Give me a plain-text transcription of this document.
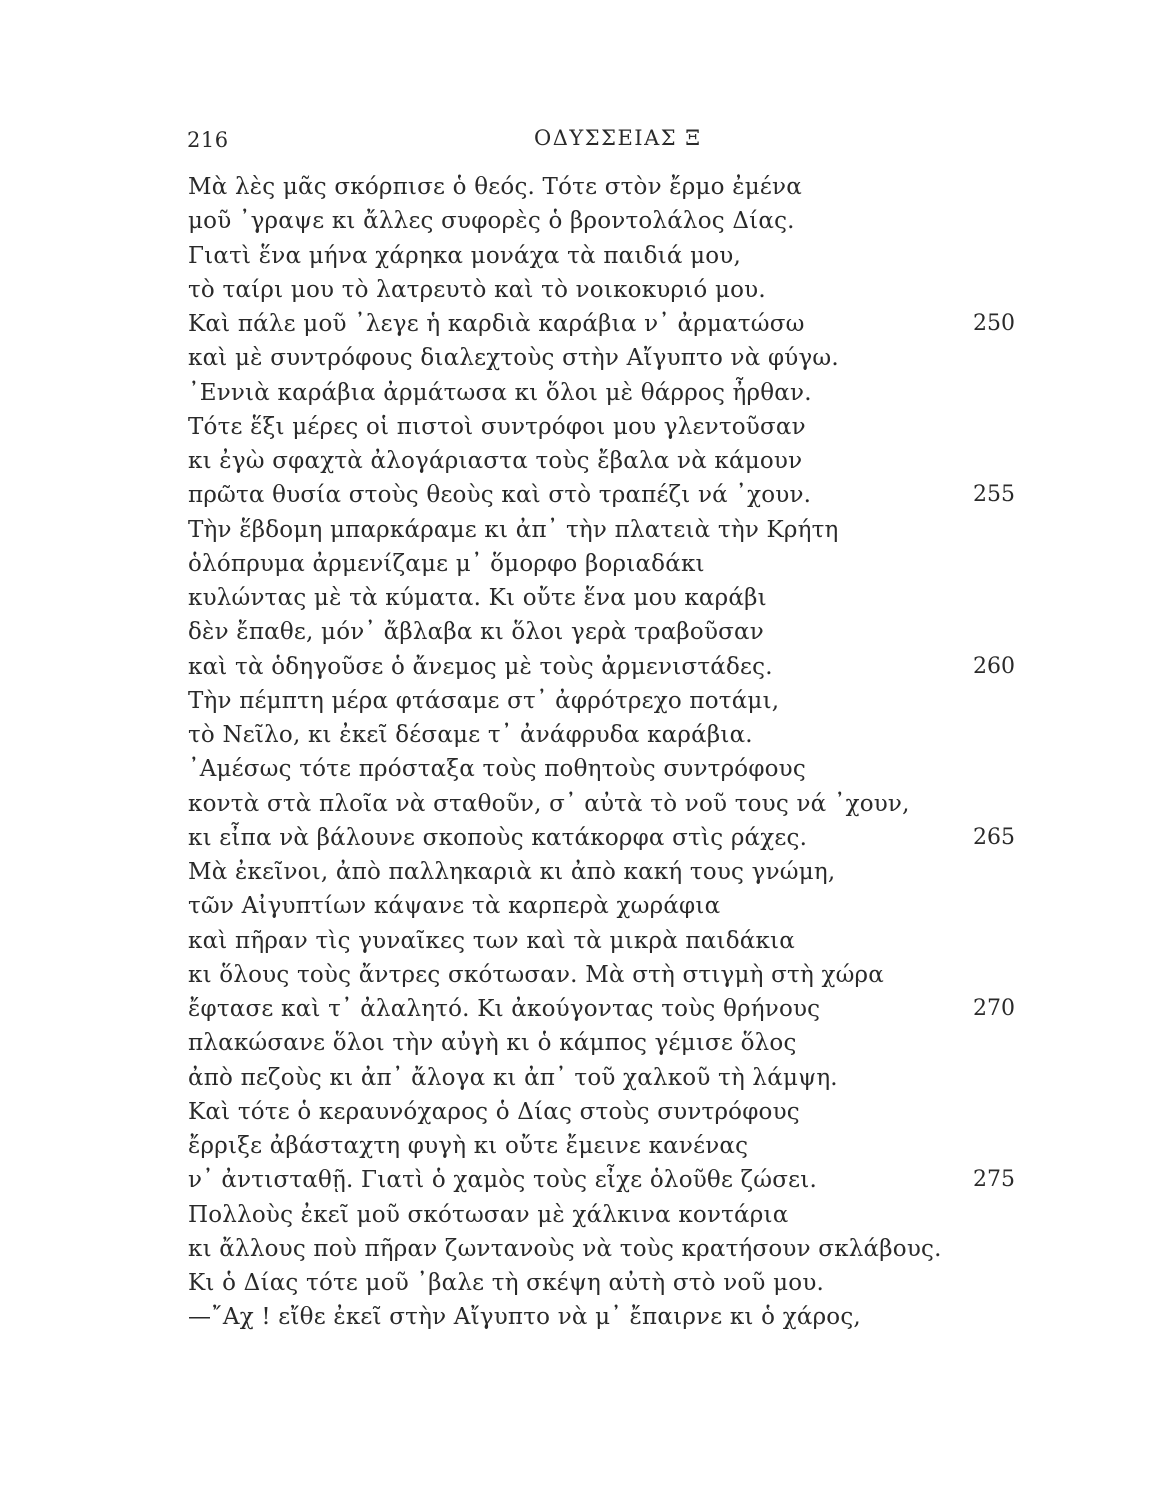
216	ΟΔΥΣΣΕΙΑΣ Ξ
Μὰ λὲς μᾶς σκόρπισε ὁ θεός. Τότε στὸν ἔρμο ἐμένα
μοῦ ᾽γραψε κι ἄλλες συφορὲς ὁ βροντολάλος Δίας.
Γιατὶ ἕνα μήνα χάρηκα μονάχα τὰ παιδιά μου,
τὸ ταίρι μου τὸ λατρευτὸ καὶ τὸ νοικοκυριό μου.
Καὶ πάλε μοῦ ᾽λεγε ἡ καρδιὰ καράβια ν᾽ ἀρματώσω	250
καὶ μὲ συντρόφους διαλεχτοὺς στὴν Αἴγυπτο νὰ φύγω.
᾽Εννιὰ καράβια ἀρμάτωσα κι ὅλοι μὲ θάρρος ἦρθαν.
Τότε ἕξι μέρες οἱ πιστοὶ συντρόφοι μου γλεντοῦσαν
κι ἐγὼ σφαχτὰ ἀλογάριαστα τοὺς ἔβαλα νὰ κάμουν
πρῶτα θυσία στοὺς θεοὺς καὶ στὸ τραπέζι νά ᾽χουν.	255
Τὴν ἕβδομη μπαρκάραμε κι ἀπ᾽ τὴν πλατειὰ τὴν Κρήτη
ὁλόπρυμα ἀρμενίζαμε μ᾽ ὅμορφο βοριαδάκι
κυλώντας μὲ τὰ κύματα. Κι οὔτε ἕνα μου καράβι
δὲν ἔπαθε, μόν᾽ ἄβλαβα κι ὅλοι γερὰ τραβοῦσαν
καὶ τὰ ὁδηγοῦσε ὁ ἄνεμος μὲ τοὺς ἀρμενιστάδες.	260
Τὴν πέμπτη μέρα φτάσαμε στ᾽ ἀφρότρεχο ποτάμι,
τὸ Νεῖλο, κι ἐκεῖ δέσαμε τ᾽ ἀνάφρυδα καράβια.
᾽Αμέσως τότε πρόσταξα τοὺς ποθητοὺς συντρόφους
κοντὰ στὰ πλοῖα νὰ σταθοῦν, σ᾽ αὐτὰ τὸ νοῦ τους νά ᾽χουν,
κι εἶπα νὰ βάλουνε σκοποὺς κατάκορφα στὶς ράχες.	265
Μὰ ἐκεῖνοι, ἀπὸ παλληκαριὰ κι ἀπὸ κακή τους γνώμη,
τῶν Αἰγυπτίων κάψανε τὰ καρπερὰ χωράφια
καὶ πῆραν τὶς γυναῖκες των καὶ τὰ μικρὰ παιδάκια
κι ὅλους τοὺς ἄντρες σκότωσαν. Μὰ στὴ στιγμὴ στὴ χώρα
ἔφτασε καὶ τ᾽ ἀλαλητό. Κι ἀκούγοντας τοὺς θρήνους	270
πλακώσανε ὅλοι τὴν αὐγὴ κι ὁ κάμπος γέμισε ὅλος
ἀπὸ πεζοὺς κι ἀπ᾽ ἄλογα κι ἀπ᾽ τοῦ χαλκοῦ τὴ λάμψη.
Καὶ τότε ὁ κεραυνόχαρος ὁ Δίας στοὺς συντρόφους
ἔρριξε ἀβάσταχτη φυγὴ κι οὔτε ἔμεινε κανένας
ν᾽ ἀντισταθῇ. Γιατὶ ὁ χαμὸς τοὺς εἶχε ὁλοῦθε ζώσει.	275
Πολλοὺς ἐκεῖ μοῦ σκότωσαν μὲ χάλκινα κοντάρια
κι ἄλλους ποὺ πῆραν ζωντανοὺς νὰ τοὺς κρατήσουν σκλάβους.
Κι ὁ Δίας τότε μοῦ ᾽βαλε τὴ σκέψη αὐτὴ στὸ νοῦ μου.
—῎Αχ ! εἴθε ἐκεῖ στὴν Αἴγυπτο νὰ μ᾽ ἔπαιρνε κι ὁ χάρος,
